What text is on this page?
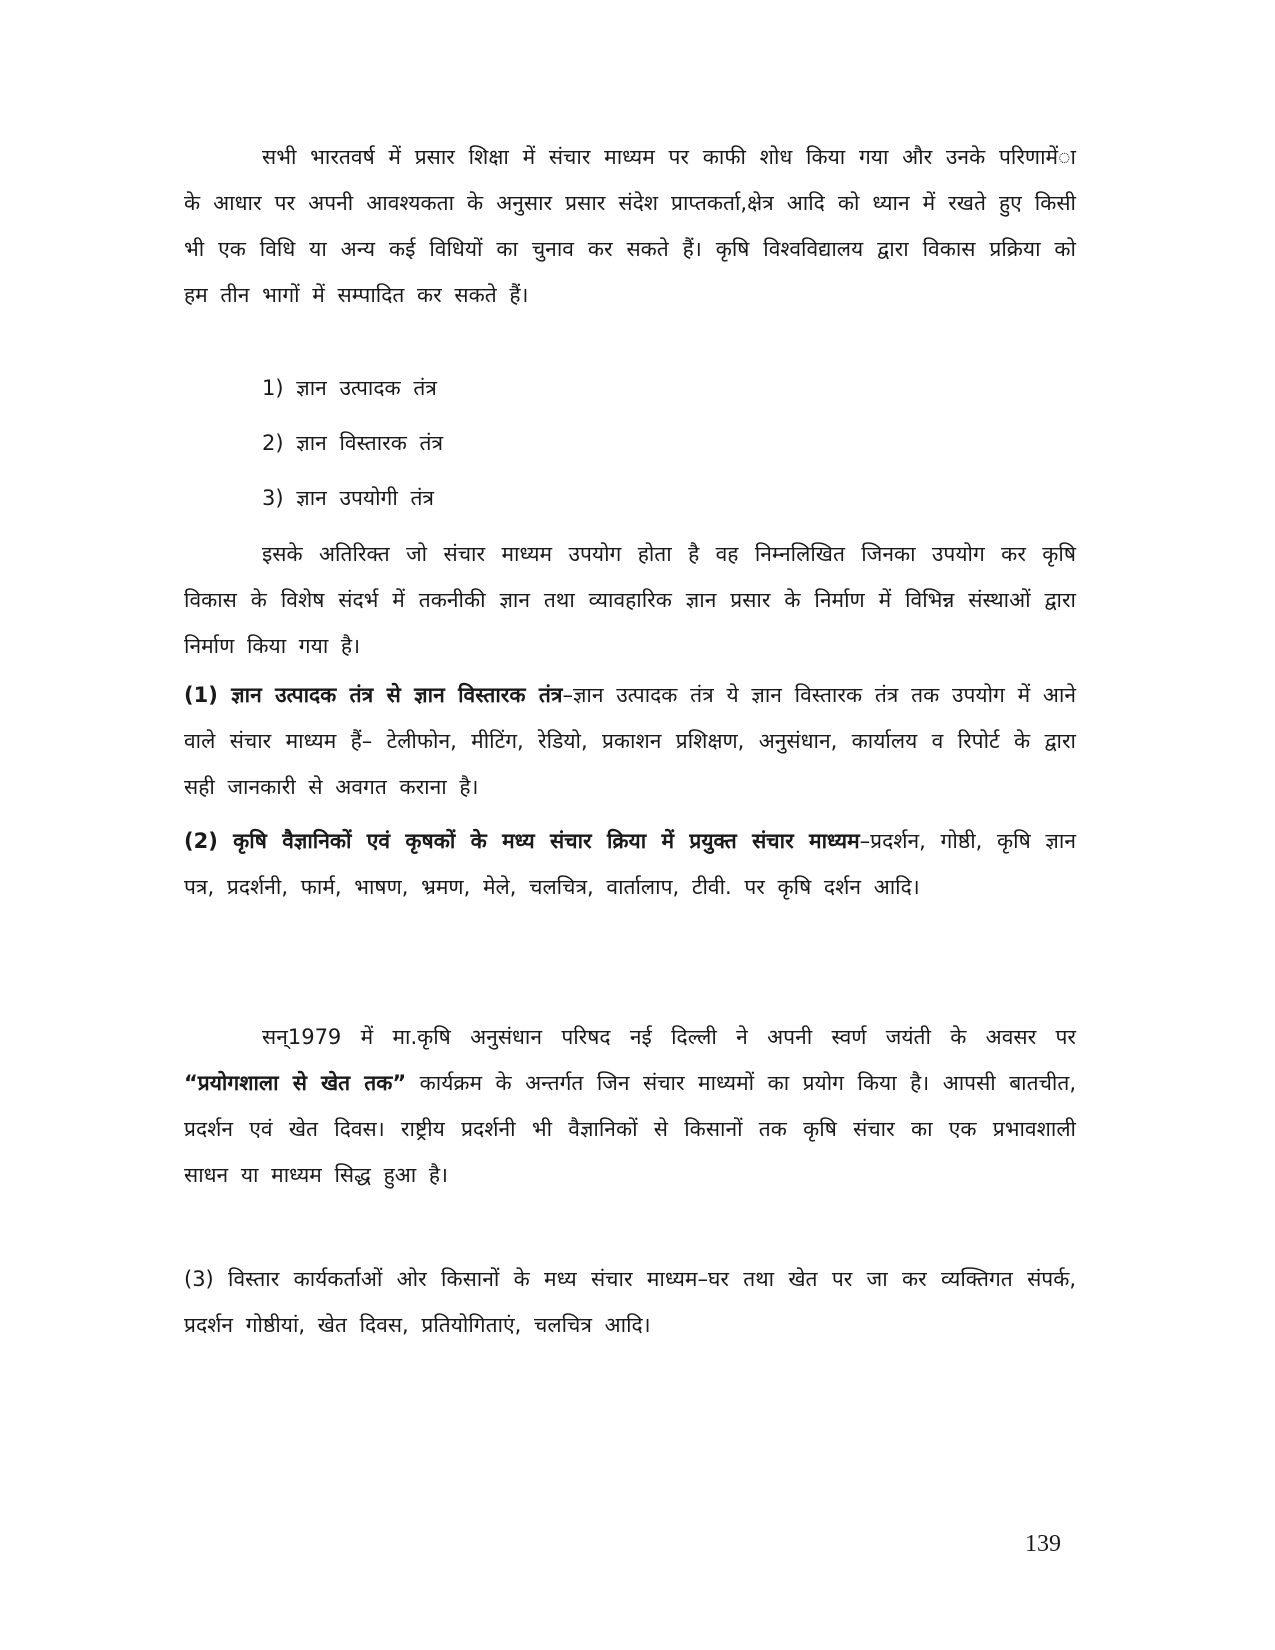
सभी भारतवर्ष में प्रसार शिक्षा में संचार माध्यम पर काफी शोध किया गया और उनके परिणामेंा के आधार पर अपनी आवश्यकता के अनुसार प्रसार संदेश प्राप्तकर्ता,क्षेत्र आदि को ध्यान में रखते हुए किसी भी एक विधि या अन्य कई विधियों का चुनाव कर सकते हैं। कृषि विश्वविद्यालय द्वारा विकास प्रक्रिया को हम तीन भागों में सम्पादित कर सकते हैं।

1) ज्ञान उत्पादक तंत्र
2) ज्ञान विस्तारक तंत्र
3) ज्ञान उपयोगी तंत्र

इसके अतिरिक्त जो संचार माध्यम उपयोग होता है वह निम्नलिखित जिनका उपयोग कर कृषि विकास के विशेष संदर्भ में तकनीकी ज्ञान तथा व्यावहारिक ज्ञान प्रसार के निर्माण में विभिन्न संस्थाओं द्वारा निर्माण किया गया है।

(1) ज्ञान उत्पादक तंत्र से ज्ञान विस्तारक तंत्र–ज्ञान उत्पादक तंत्र ये ज्ञान विस्तारक तंत्र तक उपयोग में आने वाले संचार माध्यम हैं– टेलीफोन, मीटिंग, रेडियो, प्रकाशन प्रशिक्षण, अनुसंधान, कार्यालय व रिपोर्ट के द्वारा सही जानकारी से अवगत कराना है।

(2) कृषि वैज्ञानिकों एवं कृषकों के मध्य संचार क्रिया में प्रयुक्त संचार माध्यम–प्रदर्शन, गोष्ठी, कृषि ज्ञान पत्र, प्रदर्शनी, फार्म, भाषण, भ्रमण, मेले, चलचित्र, वार्तालाप, टीवी. पर कृषि दर्शन आदि।

सन्1979 में मा.कृषि अनुसंधान परिषद नई दिल्ली ने अपनी स्वर्ण जयंती के अवसर पर “प्रयोगशाला से खेत तक” कार्यक्रम के अन्तर्गत जिन संचार माध्यमों का प्रयोग किया है। आपसी बातचीत, प्रदर्शन एवं खेत दिवस। राष्ट्रीय प्रदर्शनी भी वैज्ञानिकों से किसानों तक कृषि संचार का एक प्रभावशाली साधन या माध्यम सिद्ध हुआ है।

(3) विस्तार कार्यकर्ताओं ओर किसानों के मध्य संचार माध्यम–घर तथा खेत पर जा कर व्यक्तिगत संपर्क, प्रदर्शन गोष्ठीयां, खेत दिवस, प्रतियोगिताएं, चलचित्र आदि।

139
